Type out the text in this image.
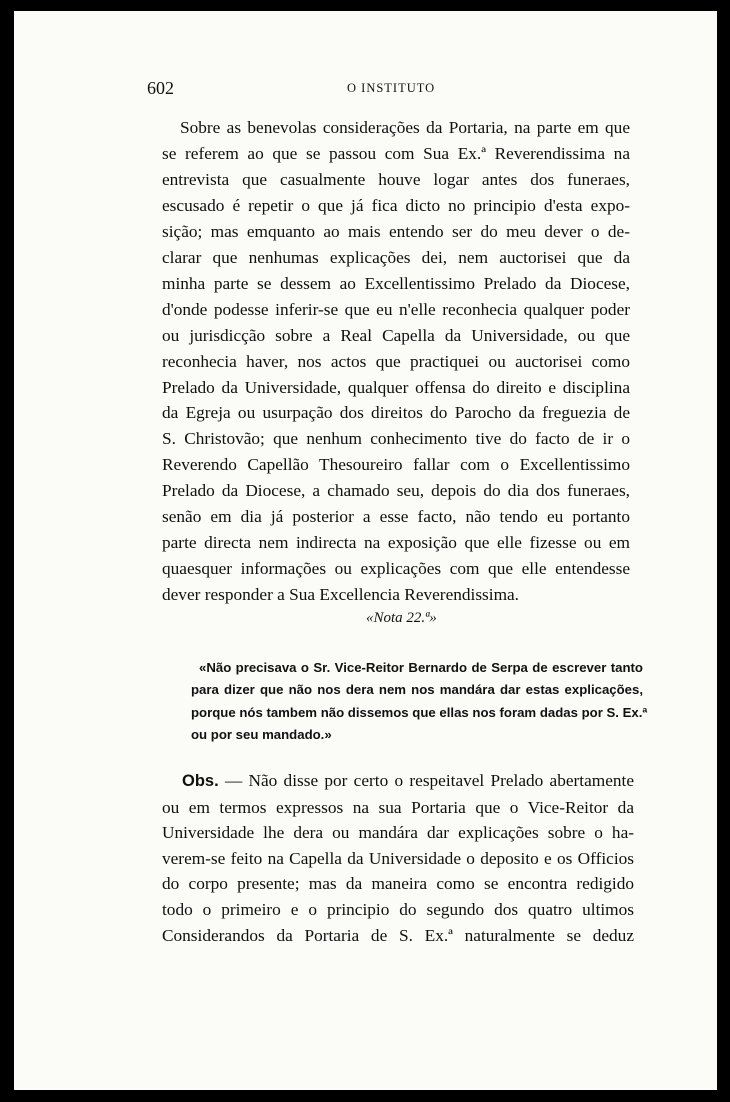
602	O INSTITUTO
Sobre as benevolas considerações da Portaria, na parte em que
se referem ao que se passou com Sua Ex.ª Reverendissima na
entrevista que casualmente houve logar antes dos funeraes,
escusado é repetir o que já fica dicto no principio d'esta expo-
sição; mas emquanto ao mais entendo ser do meu dever o de-
clarar que nenhumas explicações dei, nem auctorisei que da
minha parte se dessem ao Excellentissimo Prelado da Diocese,
d'onde podesse inferir-se que eu n'elle reconhecia qualquer poder
ou jurisdicção sobre a Real Capella da Universidade, ou que
reconhecia haver, nos actos que practiquei ou auctorisei como
Prelado da Universidade, qualquer offensa do direito e disciplina
da Egreja ou usurpação dos direitos do Parocho da freguezia de
S. Christovão; que nenhum conhecimento tive do facto de ir o
Reverendo Capellão Thesoureiro fallar com o Excellentissimo
Prelado da Diocese, a chamado seu, depois do dia dos funeraes,
senão em dia já posterior a esse facto, não tendo eu portanto
parte directa nem indirecta na exposição que elle fizesse ou em
quaesquer informações ou explicações com que elle entendesse
dever responder a Sua Excellencia Reverendissima.
«Nota 22.ª»
«Não precisava o Sr. Vice-Reitor Bernardo de Serpa de escrever tanto
para dizer que não nos dera nem nos mandára dar estas explicações,
porque nós tambem não dissemos que ellas nos foram dadas por S. Ex.ª
ou por seu mandado.»
Obs. — Não disse por certo o respeitavel Prelado abertamente
ou em termos expressos na sua Portaria que o Vice-Reitor da
Universidade lhe dera ou mandára dar explicações sobre o ha-
verem-se feito na Capella da Universidade o deposito e os Officios
do corpo presente; mas da maneira como se encontra redigido
todo o primeiro e o principio do segundo dos quatro ultimos
Considerandos da Portaria de S. Ex.ª naturalmente se deduz
